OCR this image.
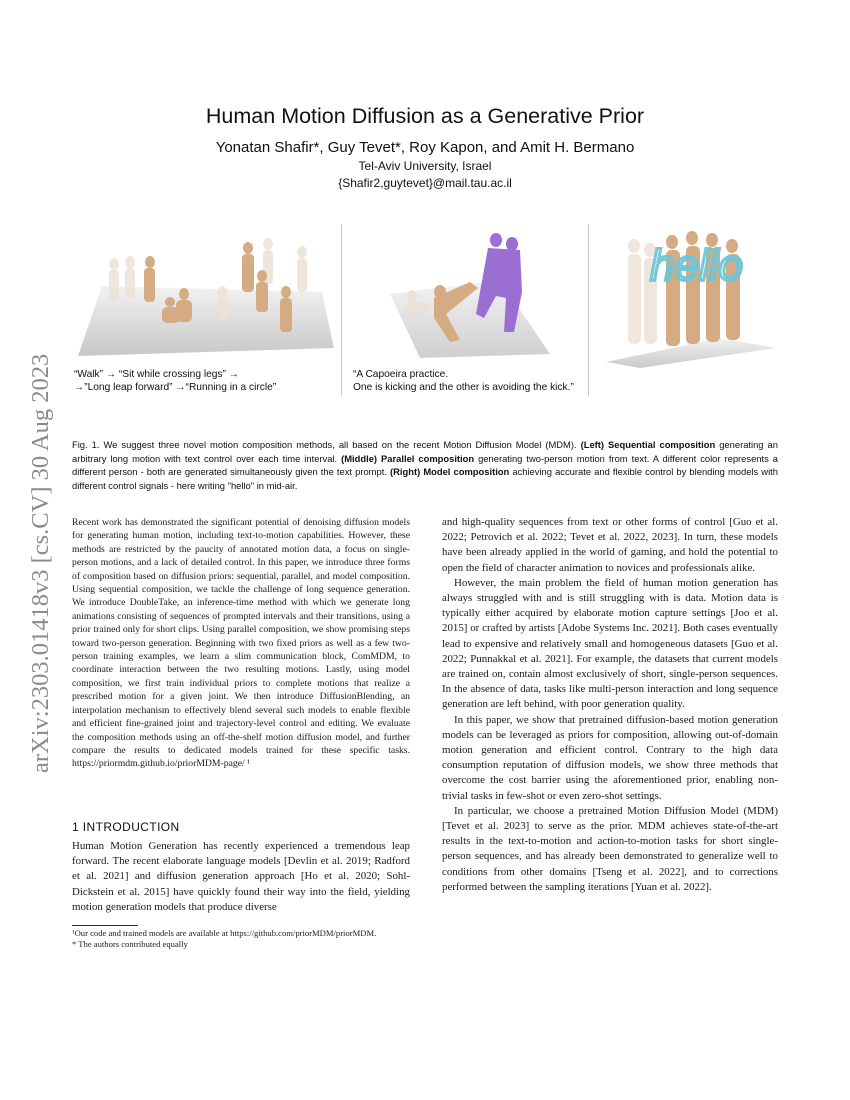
arXiv:2303.01418v3 [cs.CV] 30 Aug 2023
Human Motion Diffusion as a Generative Prior
Yonatan Shafir*, Guy Tevet*, Roy Kapon, and Amit H. Bermano
Tel-Aviv University, Israel
{Shafir2,guytevet}@mail.tau.ac.il
“Walk” → “Sit while crossing legs” →
→”Long leap forward” →“Running in a circle”
“A Capoeira practice.
One is kicking and the other is avoiding the kick.”
hello
Fig. 1. We suggest three novel motion composition methods, all based on the recent Motion Diffusion Model (MDM). (Left) Sequential composition generating an arbitrary long motion with text control over each time interval. (Middle) Parallel composition generating two-person motion from text. A different color represents a different person - both are generated simultaneously given the text prompt. (Right) Model composition achieving accurate and flexible control by blending models with different control signals - here writing "hello" in mid-air.

Recent work has demonstrated the significant potential of denoising diffusion models for generating human motion, including text-to-motion capabilities. However, these methods are restricted by the paucity of annotated motion data, a focus on single-person motions, and a lack of detailed control. In this paper, we introduce three forms of composition based on diffusion priors: sequential, parallel, and model composition. Using sequential composition, we tackle the challenge of long sequence generation. We introduce DoubleTake, an inference-time method with which we generate long animations consisting of sequences of prompted intervals and their transitions, using a prior trained only for short clips. Using parallel composition, we show promising steps toward two-person generation. Beginning with two fixed priors as well as a few two-person training examples, we learn a slim communication block, ComMDM, to coordinate interaction between the two resulting motions. Lastly, using model composition, we first train individual priors to complete motions that realize a prescribed motion for a given joint. We then introduce DiffusionBlending, an interpolation mechanism to effectively blend several such models to enable flexible and efficient fine-grained joint and trajectory-level control and editing. We evaluate the composition methods using an off-the-shelf motion diffusion model, and further compare the results to dedicated models trained for these specific tasks. https://priormdm.github.io/priorMDM-page/ ¹

1 INTRODUCTION

Human Motion Generation has recently experienced a tremendous leap forward. The recent elaborate language models [Devlin et al. 2019; Radford et al. 2021] and diffusion generation approach [Ho et al. 2020; Sohl-Dickstein et al. 2015] have quickly found their way into the field, yielding motion generation models that produce diverse

¹Our code and trained models are available at https://github.com/priorMDM/priorMDM.

* The authors contributed equally

and high-quality sequences from text or other forms of control [Guo et al. 2022; Petrovich et al. 2022; Tevet et al. 2022, 2023]. In turn, these models have been already applied in the world of gaming, and hold the potential to open the field of character animation to novices and professionals alike.

However, the main problem the field of human motion generation has always struggled with and is still struggling with is data. Motion data is typically either acquired by elaborate motion capture settings [Joo et al. 2015] or crafted by artists [Adobe Systems Inc. 2021]. Both cases eventually lead to expensive and relatively small and homogeneous datasets [Guo et al. 2022; Punnakkal et al. 2021]. For example, the datasets that current models are trained on, contain almost exclusively of short, single-person sequences. In the absence of data, tasks like multi-person interaction and long sequence generation are left behind, with poor generation quality.

In this paper, we show that pretrained diffusion-based motion generation models can be leveraged as priors for composition, allowing out-of-domain motion generation and efficient control. Contrary to the high data consumption reputation of diffusion models, we show three methods that overcome the cost barrier using the aforementioned prior, enabling non-trivial tasks in few-shot or even zero-shot settings.

In particular, we choose a pretrained Motion Diffusion Model (MDM) [Tevet et al. 2023] to serve as the prior. MDM achieves state-of-the-art results in the text-to-motion and action-to-motion tasks for short single-person sequences, and has already been demonstrated to generalize well to conditions from other domains [Tseng et al. 2022], and to corrections performed between the sampling iterations [Yuan et al. 2022].
